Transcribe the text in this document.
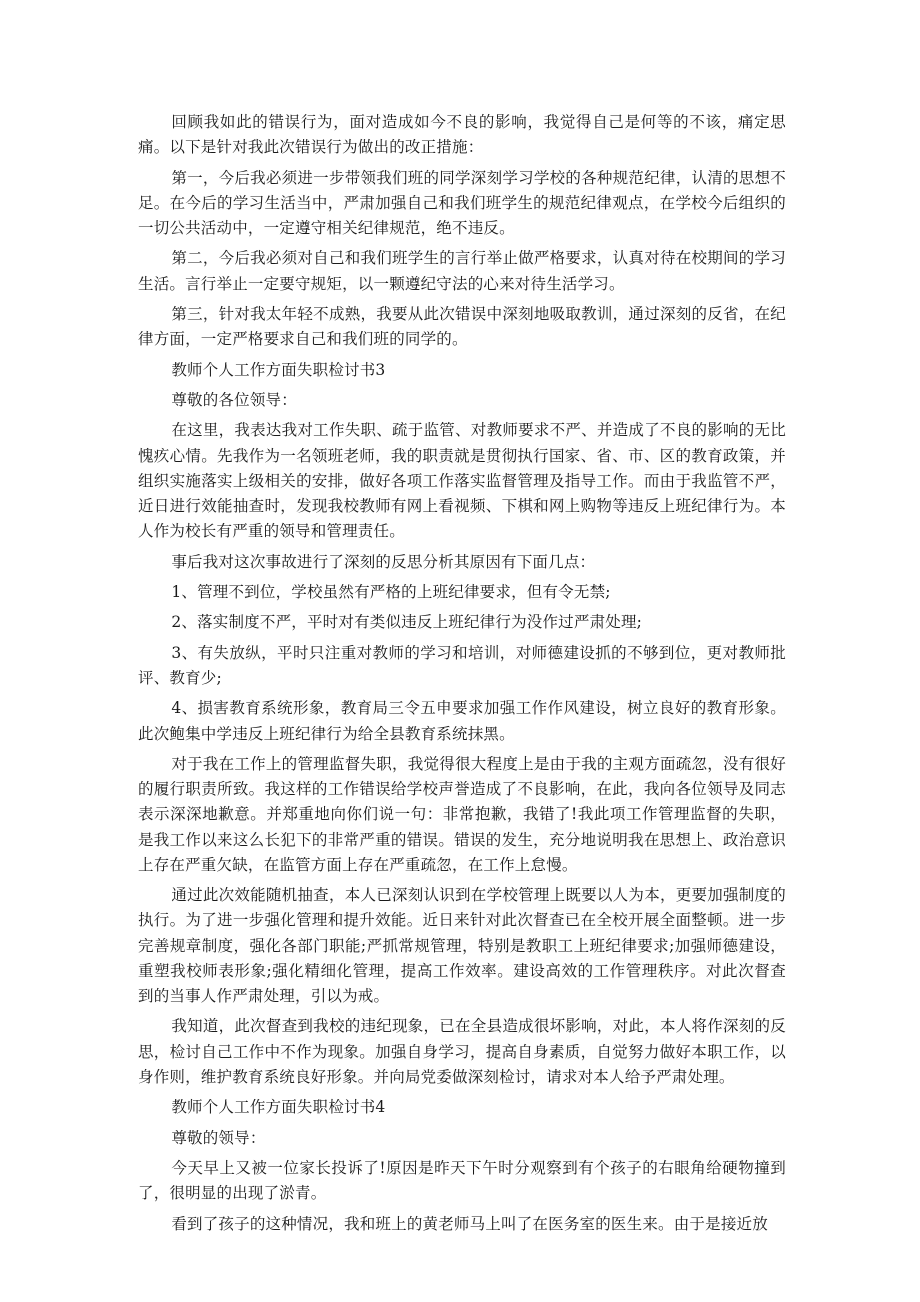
回顾我如此的错误行为，面对造成如今不良的影响，我觉得自己是何等的不该，痛定思痛。以下是针对我此次错误行为做出的改正措施：

第一，今后我必须进一步带领我们班的同学深刻学习学校的各种规范纪律，认清的思想不足。在今后的学习生活当中，严肃加强自己和我们班学生的规范纪律观点，在学校今后组织的一切公共活动中，一定遵守相关纪律规范，绝不违反。

第二，今后我必须对自己和我们班学生的言行举止做严格要求，认真对待在校期间的学习生活。言行举止一定要守规矩，以一颗遵纪守法的心来对待生活学习。

第三，针对我太年轻不成熟，我要从此次错误中深刻地吸取教训，通过深刻的反省，在纪律方面，一定严格要求自己和我们班的同学的。

教师个人工作方面失职检讨书3

尊敬的各位领导：

在这里，我表达我对工作失职、疏于监管、对教师要求不严、并造成了不良的影响的无比愧疚心情。先我作为一名领班老师，我的职责就是贯彻执行国家、省、市、区的教育政策，并组织实施落实上级相关的安排，做好各项工作落实监督管理及指导工作。而由于我监管不严，近日进行效能抽查时，发现我校教师有网上看视频、下棋和网上购物等违反上班纪律行为。本人作为校长有严重的领导和管理责任。

事后我对这次事故进行了深刻的反思分析其原因有下面几点：

1、管理不到位，学校虽然有严格的上班纪律要求，但有令无禁;

2、落实制度不严，平时对有类似违反上班纪律行为没作过严肃处理;

3、有失放纵，平时只注重对教师的学习和培训，对师德建设抓的不够到位，更对教师批评、教育少;

4、损害教育系统形象，教育局三令五申要求加强工作作风建设，树立良好的教育形象。此次鲍集中学违反上班纪律行为给全县教育系统抹黑。

对于我在工作上的管理监督失职，我觉得很大程度上是由于我的主观方面疏忽，没有很好的履行职责所致。我这样的工作错误给学校声誉造成了不良影响，在此，我向各位领导及同志表示深深地歉意。并郑重地向你们说一句：非常抱歉，我错了!我此项工作管理监督的失职，是我工作以来这么长犯下的非常严重的错误。错误的发生，充分地说明我在思想上、政治意识上存在严重欠缺，在监管方面上存在严重疏忽，在工作上怠慢。

通过此次效能随机抽查，本人已深刻认识到在学校管理上既要以人为本，更要加强制度的执行。为了进一步强化管理和提升效能。近日来针对此次督查已在全校开展全面整顿。进一步完善规章制度，强化各部门职能;严抓常规管理，特别是教职工上班纪律要求;加强师德建设，重塑我校师表形象;强化精细化管理，提高工作效率。建设高效的工作管理秩序。对此次督查到的当事人作严肃处理，引以为戒。

我知道，此次督查到我校的违纪现象，已在全县造成很坏影响，对此，本人将作深刻的反思，检讨自己工作中不作为现象。加强自身学习，提高自身素质，自觉努力做好本职工作，以身作则，维护教育系统良好形象。并向局党委做深刻检讨，请求对本人给予严肃处理。

教师个人工作方面失职检讨书4

尊敬的领导：

今天早上又被一位家长投诉了!原因是昨天下午时分观察到有个孩子的右眼角给硬物撞到了，很明显的出现了淤青。

看到了孩子的这种情况，我和班上的黄老师马上叫了在医务室的医生来。由于是接近放
